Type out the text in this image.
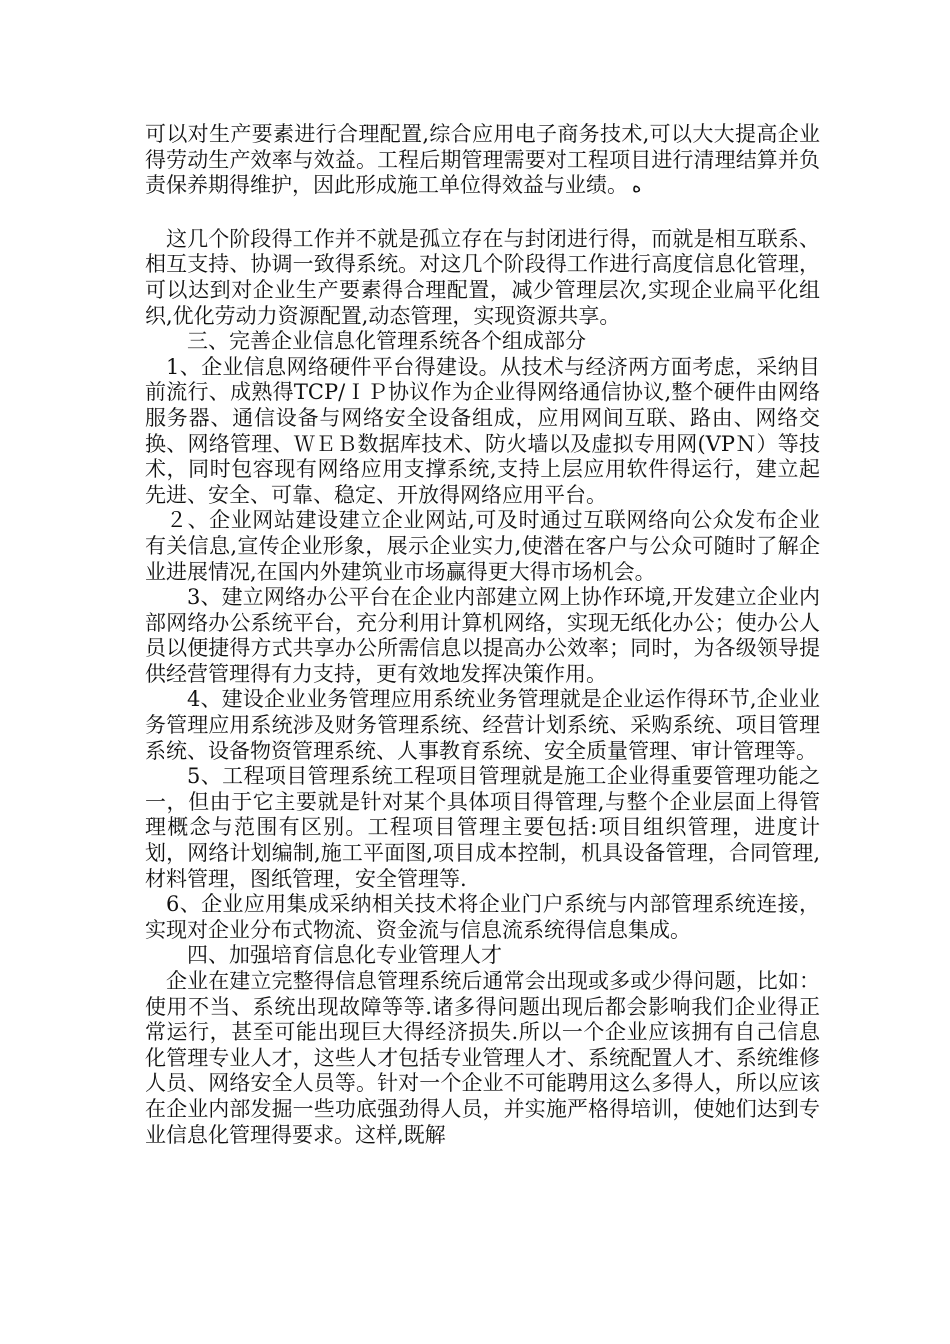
可以对生产要素进行合理配置,综合应用电子商务技术,可以大大提高企业得劳动生产效率与效益。工程后期管理需要对工程项目进行清理结算并负责保养期得维护，因此形成施工单位得效益与业绩。 ه

这几个阶段得工作并不就是孤立存在与封闭进行得，而就是相互联系、相互支持、协调一致得系统。对这几个阶段得工作进行高度信息化管理，可以达到对企业生产要素得合理配置，减少管理层次,实现企业扁平化组织,优化劳动力资源配置,动态管理，实现资源共享。

三、完善企业信息化管理系统各个组成部分

1、企业信息网络硬件平台得建设。从技术与经济两方面考虑，采纳目前流行、成熟得TCP/ＩＰ协议作为企业得网络通信协议,整个硬件由网络服务器、通信设备与网络安全设备组成，应用网间互联、路由、网络交换、网络管理、ＷＥＢ数据库技术、防火墙以及虚拟专用网(VPＮ）等技术，同时包容现有网络应用支撑系统,支持上层应用软件得运行，建立起先进、安全、可靠、稳定、开放得网络应用平台。

２、企业网站建设建立企业网站,可及时通过互联网络向公众发布企业有关信息,宣传企业形象，展示企业实力,使潜在客户与公众可随时了解企业进展情况,在国内外建筑业市场赢得更大得市场机会。

3、建立网络办公平台在企业内部建立网上协作环境,开发建立企业内部网络办公系统平台，充分利用计算机网络，实现无纸化办公；使办公人员以便捷得方式共享办公所需信息以提高办公效率；同时，为各级领导提供经营管理得有力支持，更有效地发挥决策作用。

4、建设企业业务管理应用系统业务管理就是企业运作得环节,企业业务管理应用系统涉及财务管理系统、经营计划系统、采购系统、项目管理系统、设备物资管理系统、人事教育系统、安全质量管理、审计管理等。

5、工程项目管理系统工程项目管理就是施工企业得重要管理功能之一，但由于它主要就是针对某个具体项目得管理,与整个企业层面上得管理概念与范围有区别。工程项目管理主要包括:项目组织管理，进度计划，网络计划编制,施工平面图,项目成本控制，机具设备管理，合同管理,材料管理，图纸管理，安全管理等.

6、企业应用集成采纳相关技术将企业门户系统与内部管理系统连接，实现对企业分布式物流、资金流与信息流系统得信息集成。

四、加强培育信息化专业管理人才

企业在建立完整得信息管理系统后通常会出现或多或少得问题，比如：使用不当、系统出现故障等等.诸多得问题出现后都会影响我们企业得正常运行，甚至可能出现巨大得经济损失.所以一个企业应该拥有自己信息化管理专业人才，这些人才包括专业管理人才、系统配置人才、系统维修人员、网络安全人员等。针对一个企业不可能聘用这么多得人，所以应该在企业内部发掘一些功底强劲得人员，并实施严格得培训，使她们达到专业信息化管理得要求。这样,既解
